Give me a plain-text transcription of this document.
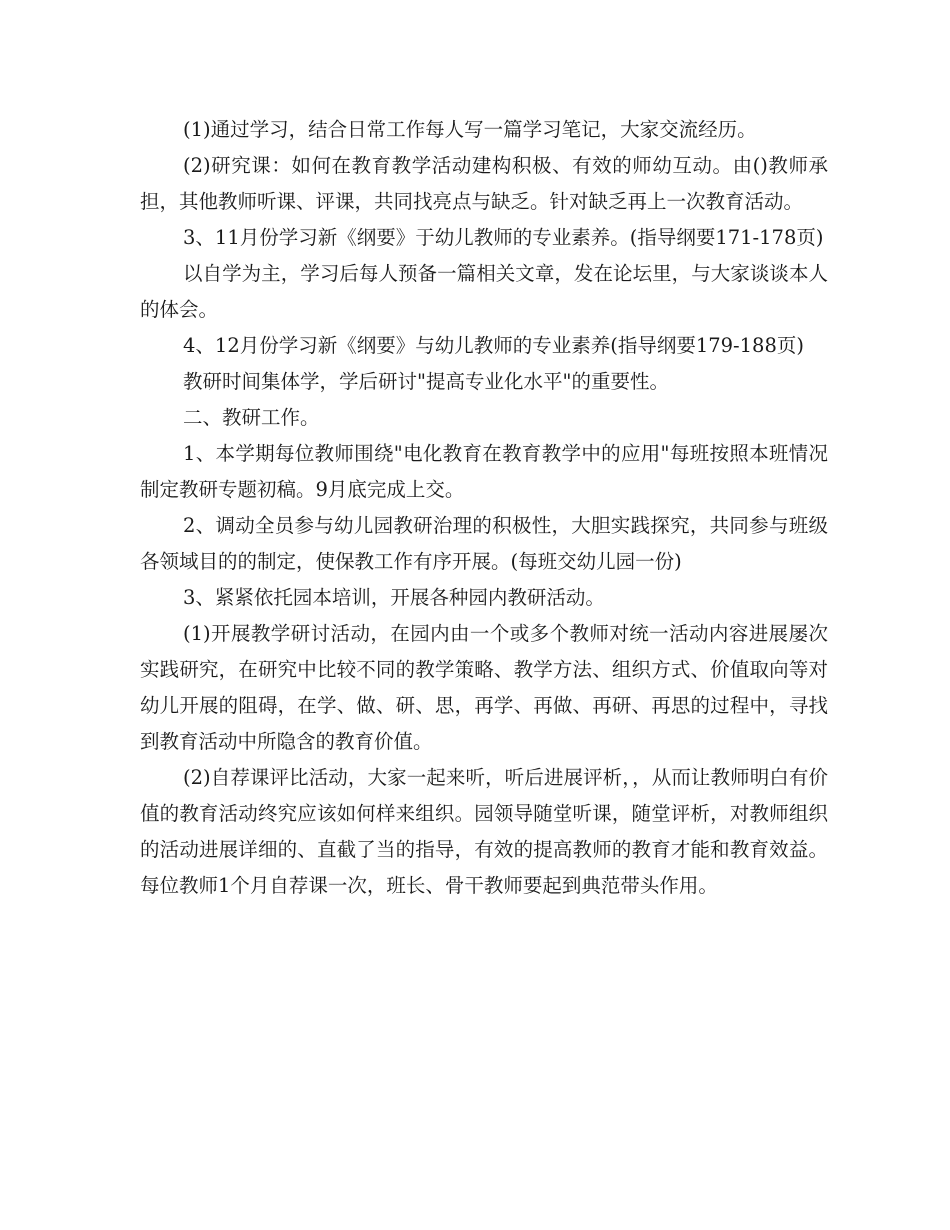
(1)通过学习，结合日常工作每人写一篇学习笔记，大家交流经历。

(2)研究课：如何在教育教学活动建构积极、有效的师幼互动。由()教师承担，其他教师听课、评课，共同找亮点与缺乏。针对缺乏再上一次教育活动。

3、11月份学习新《纲要》于幼儿教师的专业素养。(指导纲要171-178页)

以自学为主，学习后每人预备一篇相关文章，发在论坛里，与大家谈谈本人的体会。

4、12月份学习新《纲要》与幼儿教师的专业素养(指导纲要179-188页)

教研时间集体学，学后研讨"提高专业化水平"的重要性。

二、教研工作。

1、本学期每位教师围绕"电化教育在教育教学中的应用"每班按照本班情况制定教研专题初稿。9月底完成上交。

2、调动全员参与幼儿园教研治理的积极性，大胆实践探究，共同参与班级各领域目的的制定，使保教工作有序开展。(每班交幼儿园一份)

3、紧紧依托园本培训，开展各种园内教研活动。

(1)开展教学研讨活动，在园内由一个或多个教师对统一活动内容进展屡次实践研究，在研究中比较不同的教学策略、教学方法、组织方式、价值取向等对幼儿开展的阻碍，在学、做、研、思，再学、再做、再研、再思的过程中，寻找到教育活动中所隐含的教育价值。

(2)自荐课评比活动，大家一起来听，听后进展评析，，从而让教师明白有价值的教育活动终究应该如何样来组织。园领导随堂听课，随堂评析，对教师组织的活动进展详细的、直截了当的指导，有效的提高教师的教育才能和教育效益。每位教师1个月自荐课一次，班长、骨干教师要起到典范带头作用。
